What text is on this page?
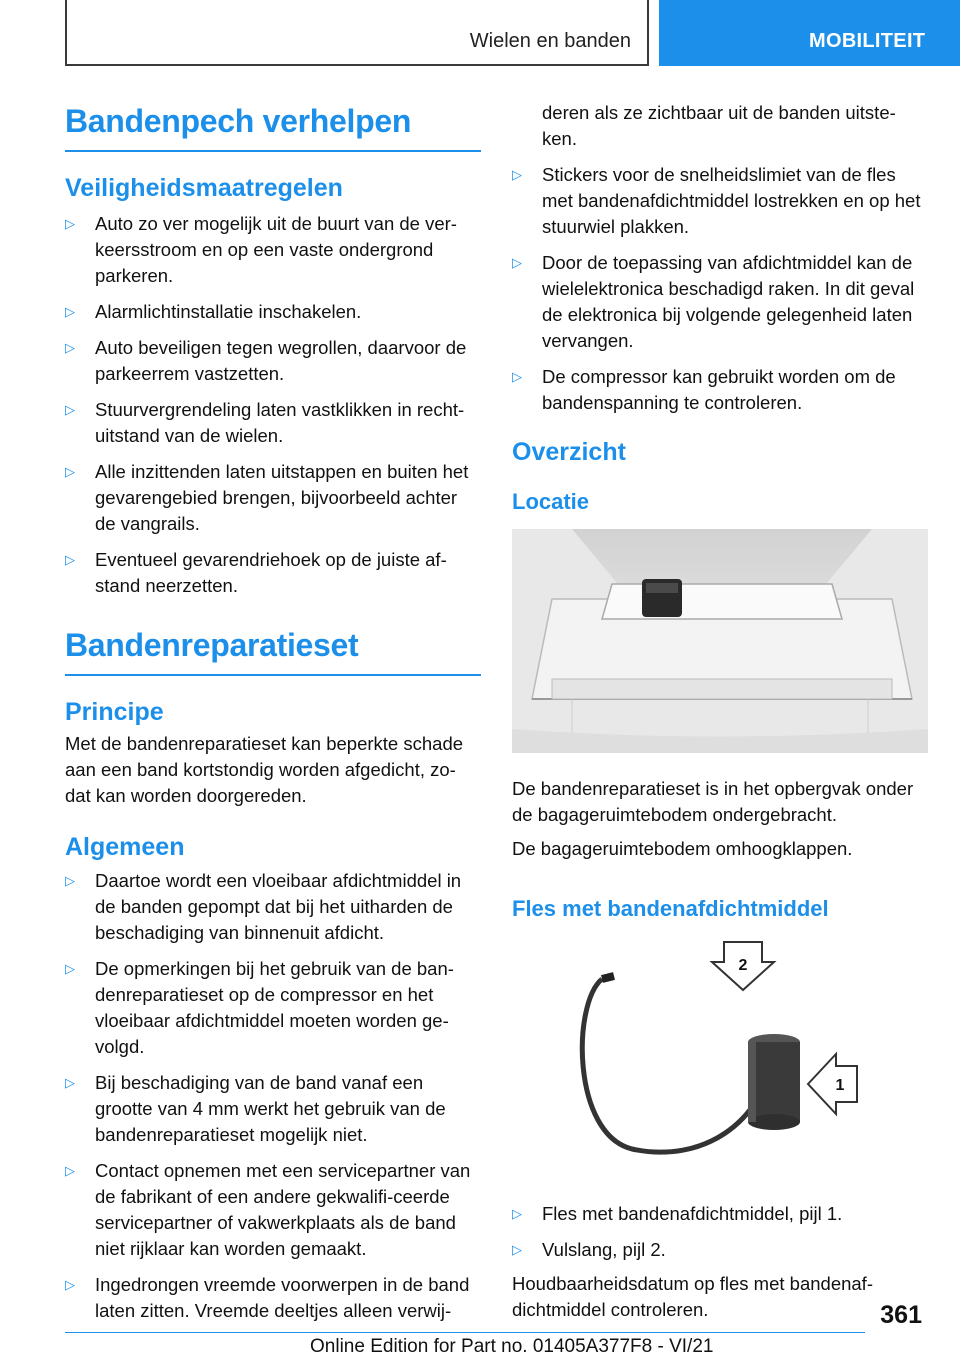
Wielen en banden	MOBILITEIT
Bandenpech verhelpen
Veiligheidsmaatregelen
▷	Auto zo ver mogelijk uit de buurt van de ver-keersstroom en op een vaste ondergrond parkeren.
▷	Alarmlichtinstallatie inschakelen.
▷	Auto beveiligen tegen wegrollen, daarvoor de parkeerrem vastzetten.
▷	Stuurvergrendeling laten vastklikken in recht-uitstand van de wielen.
▷	Alle inzittenden laten uitstappen en buiten het gevarengebied brengen, bijvoorbeeld achter de vangrails.
▷	Eventueel gevarendriehoek op de juiste af-stand neerzetten.
Bandenreparatieset
Principe

Met de bandenreparatieset kan beperkte schade aan een band kortstondig worden afgedicht, zo-dat kan worden doorgereden.

Algemeen
▷	Daartoe wordt een vloeibaar afdichtmiddel in de banden gepompt dat bij het uitharden de beschadiging van binnenuit afdicht.
▷	De opmerkingen bij het gebruik van de ban-denreparatieset op de compressor en het vloeibaar afdichtmiddel moeten worden ge-volgd.
▷	Bij beschadiging van de band vanaf een grootte van 4 mm werkt het gebruik van de bandenreparatieset mogelijk niet.
▷	Contact opnemen met een servicepartner van de fabrikant of een andere gekwalifi-ceerde servicepartner of vakwerkplaats als de band niet rijklaar kan worden gemaakt.
▷	Ingedrongen vreemde voorwerpen in de band laten zitten. Vreemde deeltjes alleen verwij-
deren als ze zichtbaar uit de banden uitste-ken.
▷	Stickers voor de snelheidslimiet van de fles met bandenafdichtmiddel lostrekken en op het stuurwiel plakken.
▷	Door de toepassing van afdichtmiddel kan de wielelektronica beschadigd raken. In dit geval de elektronica bij volgende gelegenheid laten vervangen.
▷	De compressor kan gebruikt worden om de bandenspanning te controleren.
Overzicht
Locatie

De bandenreparatieset is in het opbergvak onder de bagageruimtebodem ondergebracht.

De bagageruimtebodem omhoogklappen.

Fles met bandenafdichtmiddel
2
1
▷	Fles met bandenafdichtmiddel, pijl 1.
▷	Vulslang, pijl 2.

Houdbaarheidsdatum op fles met bandenaf-dichtmiddel controleren.	361
Online Edition for Part no. 01405A377F8 - VI/21
